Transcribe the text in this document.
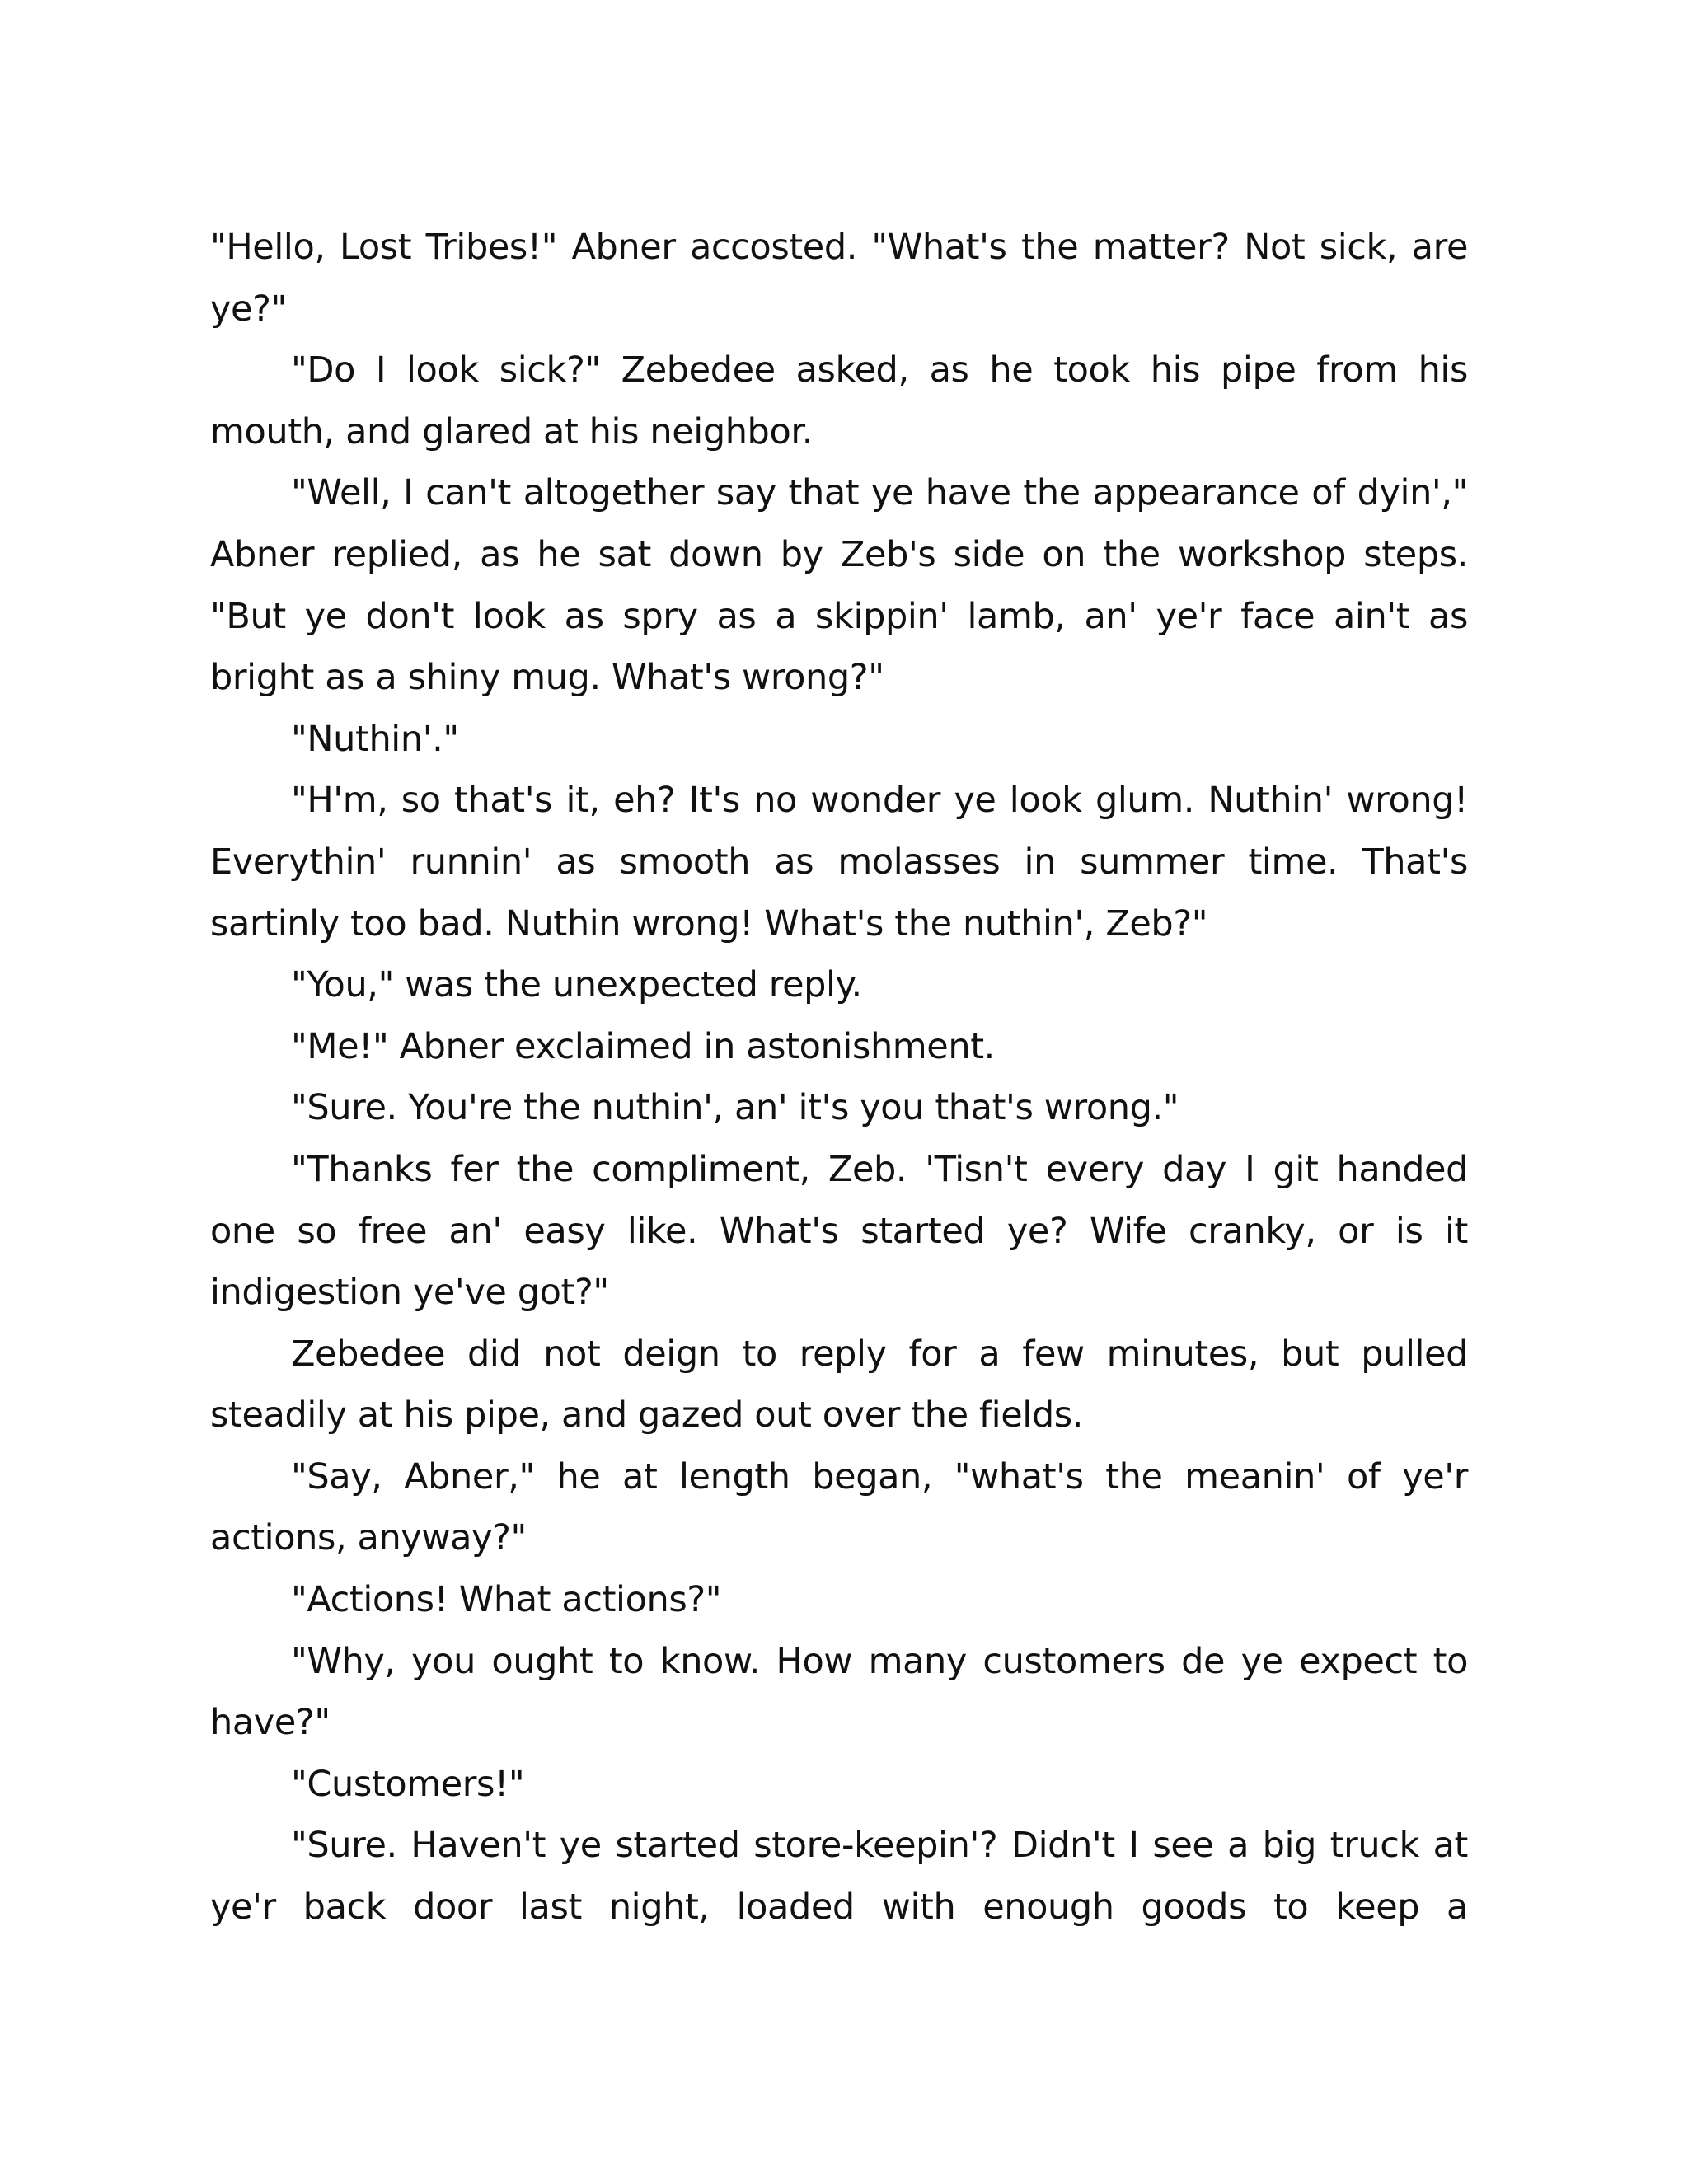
"Hello, Lost Tribes!" Abner accosted. "What's the matter? Not sick, are ye?"

"Do I look sick?" Zebedee asked, as he took his pipe from his mouth, and glared at his neighbor.

"Well, I can't altogether say that ye have the appearance of dyin'," Abner replied, as he sat down by Zeb's side on the workshop steps. "But ye don't look as spry as a skippin' lamb, an' ye'r face ain't as bright as a shiny mug. What's wrong?"

"Nuthin'."

"H'm, so that's it, eh? It's no wonder ye look glum. Nuthin' wrong! Everythin' runnin' as smooth as molasses in summer time. That's sartinly too bad. Nuthin wrong! What's the nuthin', Zeb?"

"You," was the unexpected reply.

"Me!" Abner exclaimed in astonishment.

"Sure. You're the nuthin', an' it's you that's wrong."

"Thanks fer the compliment, Zeb. 'Tisn't every day I git handed one so free an' easy like. What's started ye? Wife cranky, or is it indigestion ye've got?"

Zebedee did not deign to reply for a few minutes, but pulled steadily at his pipe, and gazed out over the fields.

"Say, Abner," he at length began, "what's the meanin' of ye'r actions, anyway?"

"Actions! What actions?"

"Why, you ought to know. How many customers de ye expect to have?"

"Customers!"

"Sure. Haven't ye started store-keepin'? Didn't I see a big truck at ye'r back door last night, loaded with enough goods to keep a
